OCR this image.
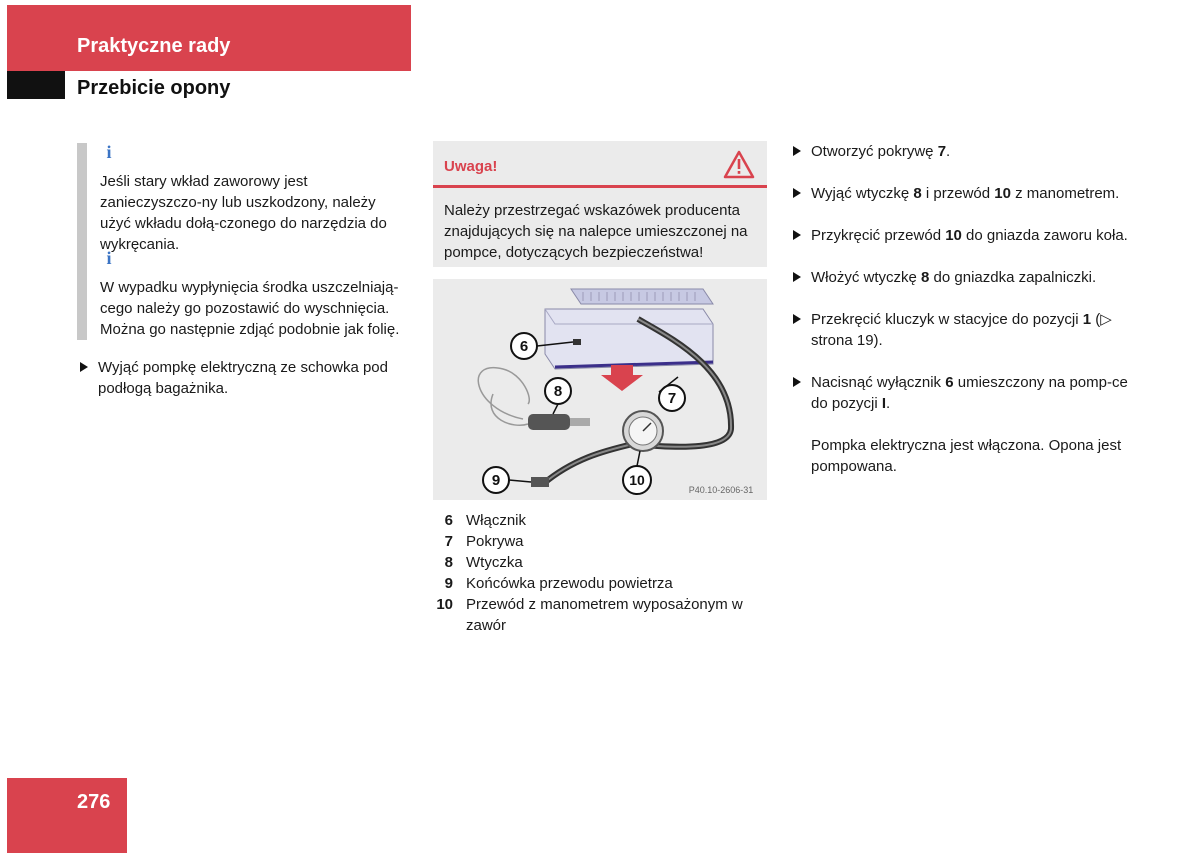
Praktyczne rady
Przebicie opony
i

Jeśli stary wkład zaworowy jest zanieczyszczo-ny lub uszkodzony, należy użyć wkładu dołą-czonego do narzędzia do wykręcania.

i

W wypadku wypłynięcia środka uszczelniają-cego należy go pozostawić do wyschnięcia. Można go następnie zdjąć podobnie jak folię.

Wyjąć pompkę elektryczną ze schowka pod podłogą bagażnika.
Uwaga!
Należy przestrzegać wskazówek producenta znajdujących się na nalepce umieszczonej na pompce, dotyczących bezpieczeństwa!
6
7
8
9	10
P40.10-2606-31
6 Włącznik
7 Pokrywa
8 Wtyczka
9 Końcówka przewodu powietrza
10 Przewód z manometrem wyposażonym w zawór
Otworzyć pokrywę 7.
Wyjąć wtyczkę 8 i przewód 10 z manometrem.
Przykręcić przewód 10 do gniazda zaworu koła.
Włożyć wtyczkę 8 do gniazdka zapalniczki.
Przekręcić kluczyk w stacyjce do pozycji 1 (▷ strona 19).
Nacisnąć wyłącznik 6 umieszczony na pomp-ce do pozycji I.
Pompka elektryczna jest włączona. Opona jest pompowana.
276
